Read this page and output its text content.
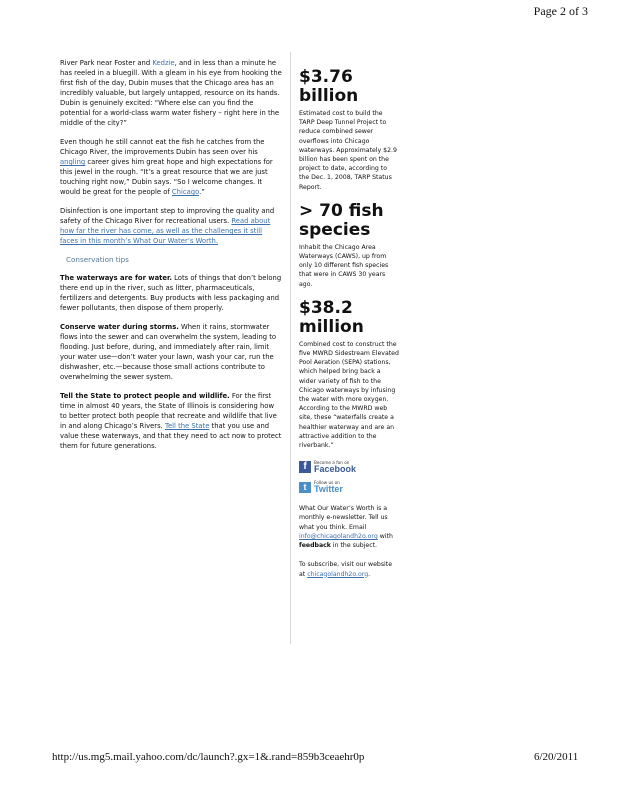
Page 2 of 3

River Park near Foster and Kedzie, and in less than a minute he has reeled in a bluegill. With a gleam in his eye from hooking the first fish of the day, Dubin muses that the Chicago area has an incredibly valuable, but largely untapped, resource on its hands. Dubin is genuinely excited: “Where else can you find the potential for a world-class warm water fishery – right here in the middle of the city?”

Even though he still cannot eat the fish he catches from the Chicago River, the improvements Dubin has seen over his angling career gives him great hope and high expectations for this jewel in the rough. “It’s a great resource that we are just touching right now,” Dubin says. “So I welcome changes. It would be great for the people of Chicago.”

Disinfection is one important step to improving the quality and safety of the Chicago River for recreational users. Read about how far the river has come, as well as the challenges it still faces in this month’s What Our Water’s Worth.

Conservation tips

The waterways are for water. Lots of things that don’t belong there end up in the river, such as litter, pharmaceuticals, fertilizers and detergents. Buy products with less packaging and fewer pollutants, then dispose of them properly.

Conserve water during storms. When it rains, stormwater flows into the sewer and can overwhelm the system, leading to flooding. Just before, during, and immediately after rain, limit your water use—don’t water your lawn, wash your car, run the dishwasher, etc.—because those small actions contribute to overwhelming the sewer system.

Tell the State to protect people and wildlife. For the first time in almost 40 years, the State of Illinois is considering how to better protect both people that recreate and wildlife that live in and along Chicago’s Rivers. Tell the State that you use and value these waterways, and that they need to act now to protect them for future generations.

$3.76 billion
Estimated cost to build the TARP Deep Tunnel Project to reduce combined sewer overflows into Chicago waterways. Approximately $2.9 billion has been spent on the project to date, according to the Dec. 1, 2008, TARP Status Report.
> 70 fish species
Inhabit the Chicago Area Waterways (CAWS), up from only 10 different fish species that were in CAWS 30 years ago.
$38.2 million
Combined cost to construct the five MWRD Sidestream Elevated Pool Aeration (SEPA) stations, which helped bring back a wider variety of fish to the Chicago waterways by infusing the water with more oxygen. According to the MWRD web site, these “waterfalls create a healthier waterway and are an attractive addition to the riverbank.”
f	Become a fan on
Facebook
t	Follow us on
Twitter
What Our Water’s Worth is a monthly e-newsletter. Tell us what you think. Email info@chicagolandh2o.org with feedback in the subject.
To subscribe, visit our website at chicagolandh2o.org.
http://us.mg5.mail.yahoo.com/dc/launch?.gx=1&.rand=859b3ceaehr0p	6/20/2011
